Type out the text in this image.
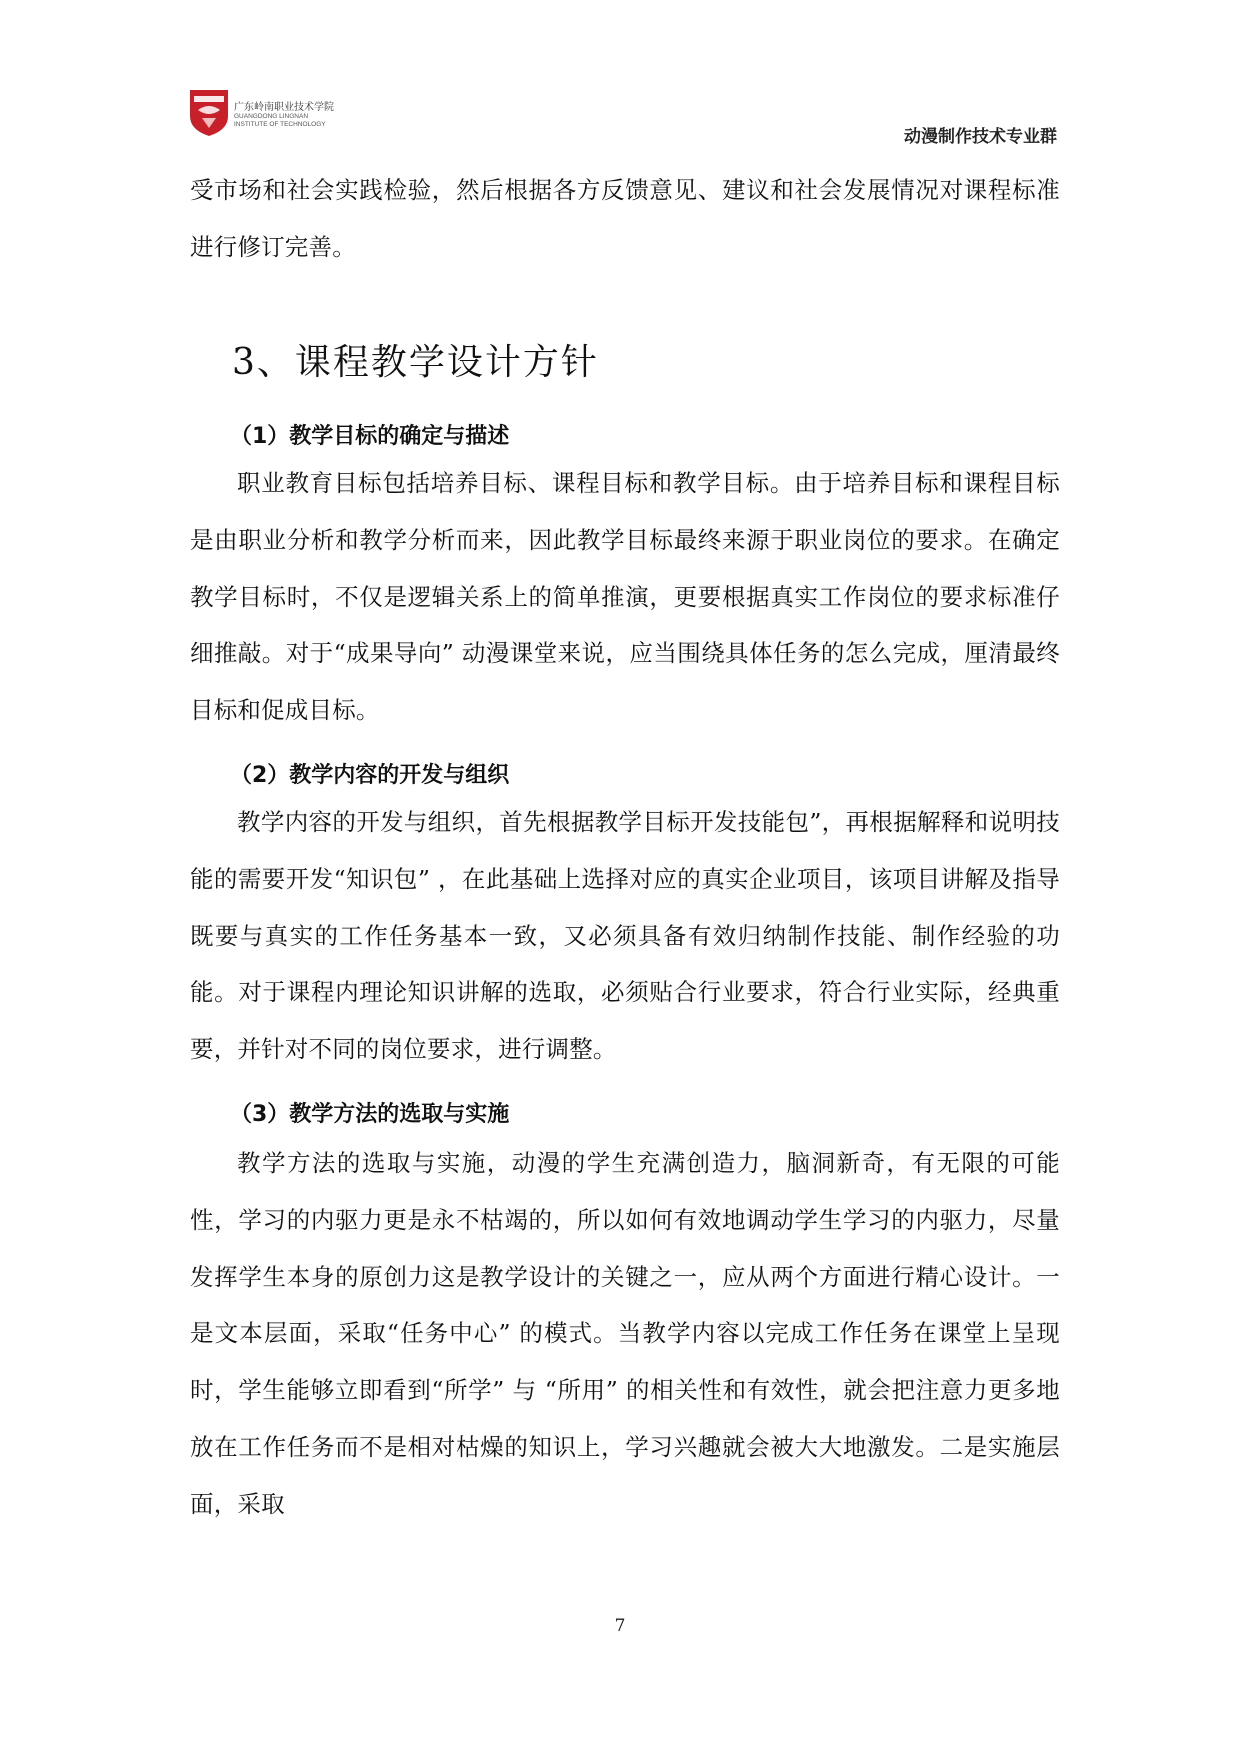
广东岭南职业技术学院
GUANGDONG LINGNAN
INSTITUTE OF TECHNOLOGY
动漫制作技术专业群

受市场和社会实践检验，然后根据各方反馈意见、建议和社会发展情况对课程标准进行修订完善。

3、课程教学设计方针
（1）教学目标的确定与描述

职业教育目标包括培养目标、课程目标和教学目标。由于培养目标和课程目标是由职业分析和教学分析而来，因此教学目标最终来源于职业岗位的要求。在确定教学目标时，不仅是逻辑关系上的简单推演，更要根据真实工作岗位的要求标准仔细推敲。对于“成果导向” 动漫课堂来说，应当围绕具体任务的怎么完成，厘清最终目标和促成目标。

（2）教学内容的开发与组织

教学内容的开发与组织，首先根据教学目标开发技能包”，再根据解释和说明技能的需要开发“知识包” ，在此基础上选择对应的真实企业项目，该项目讲解及指导既要与真实的工作任务基本一致，又必须具备有效归纳制作技能、制作经验的功能。对于课程内理论知识讲解的选取，必须贴合行业要求，符合行业实际，经典重要，并针对不同的岗位要求，进行调整。

（3）教学方法的选取与实施

教学方法的选取与实施，动漫的学生充满创造力，脑洞新奇，有无限的可能性，学习的内驱力更是永不枯竭的，所以如何有效地调动学生学习的内驱力，尽量发挥学生本身的原创力这是教学设计的关键之一，应从两个方面进行精心设计。一是文本层面，采取“任务中心” 的模式。当教学内容以完成工作任务在课堂上呈现时，学生能够立即看到“所学” 与 “所用” 的相关性和有效性，就会把注意力更多地放在工作任务而不是相对枯燥的知识上，学习兴趣就会被大大地激发。二是实施层面，采取

7
